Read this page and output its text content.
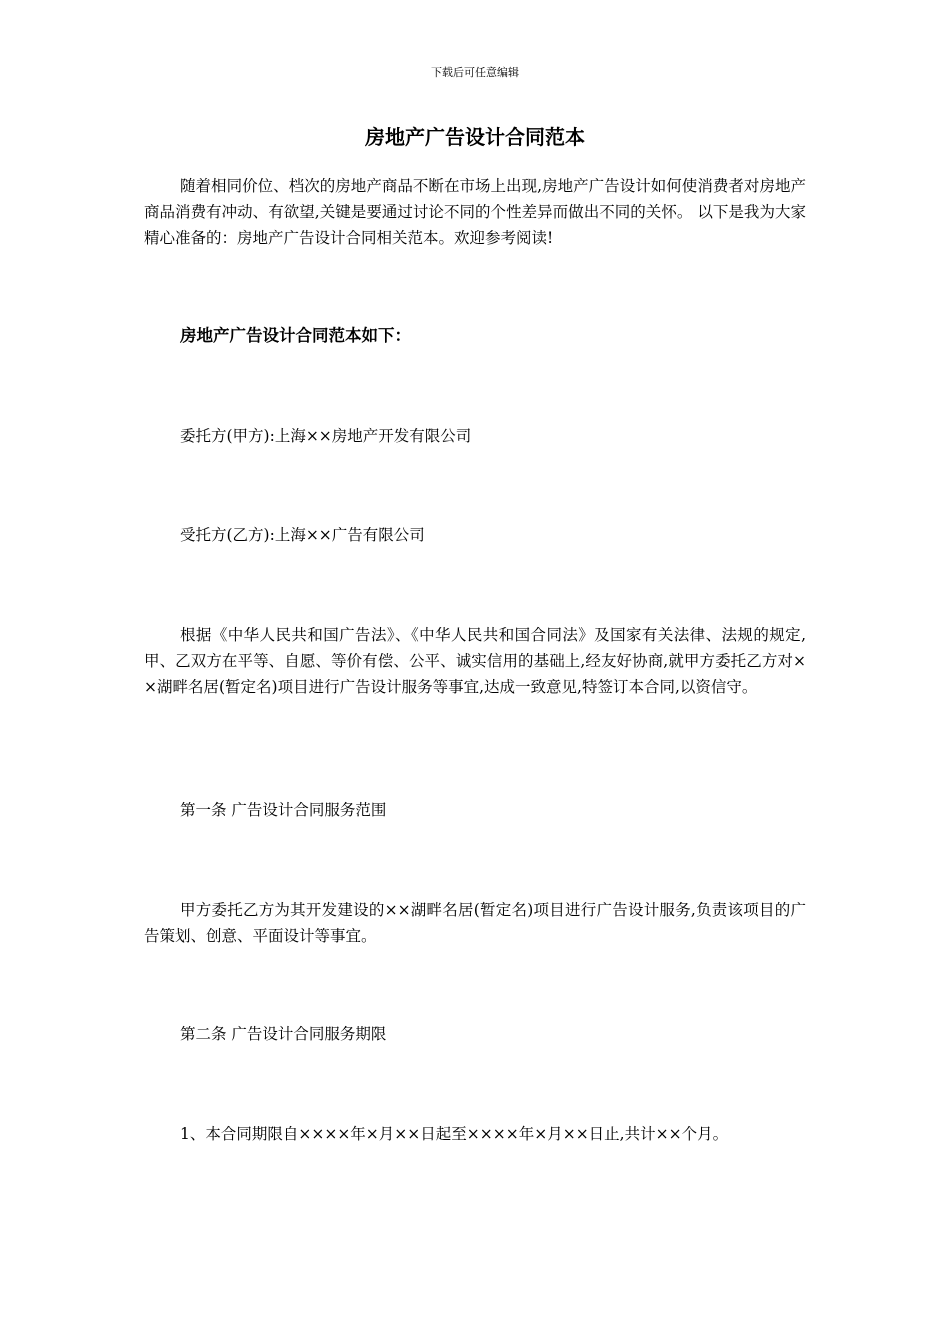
下载后可任意编辑
房地产广告设计合同范本

随着相同价位、档次的房地产商品不断在市场上出现,房地产广告设计如何使消费者对房地产商品消费有冲动、有欲望,关键是要通过讨论不同的个性差异而做出不同的关怀。 以下是我为大家精心准备的：房地产广告设计合同相关范本。欢迎参考阅读!

房地产广告设计合同范本如下：

委托方(甲方):上海××房地产开发有限公司

受托方(乙方):上海××广告有限公司

根据《中华人民共和国广告法》、《中华人民共和国合同法》及国家有关法律、法规的规定,甲、乙双方在平等、自愿、等价有偿、公平、诚实信用的基础上,经友好协商,就甲方委托乙方对××湖畔名居(暂定名)项目进行广告设计服务等事宜,达成一致意见,特签订本合同,以资信守。

第一条 广告设计合同服务范围

甲方委托乙方为其开发建设的××湖畔名居(暂定名)项目进行广告设计服务,负责该项目的广告策划、创意、平面设计等事宜。

第二条 广告设计合同服务期限

1、本合同期限自××××年×月××日起至××××年×月××日止,共计××个月。
